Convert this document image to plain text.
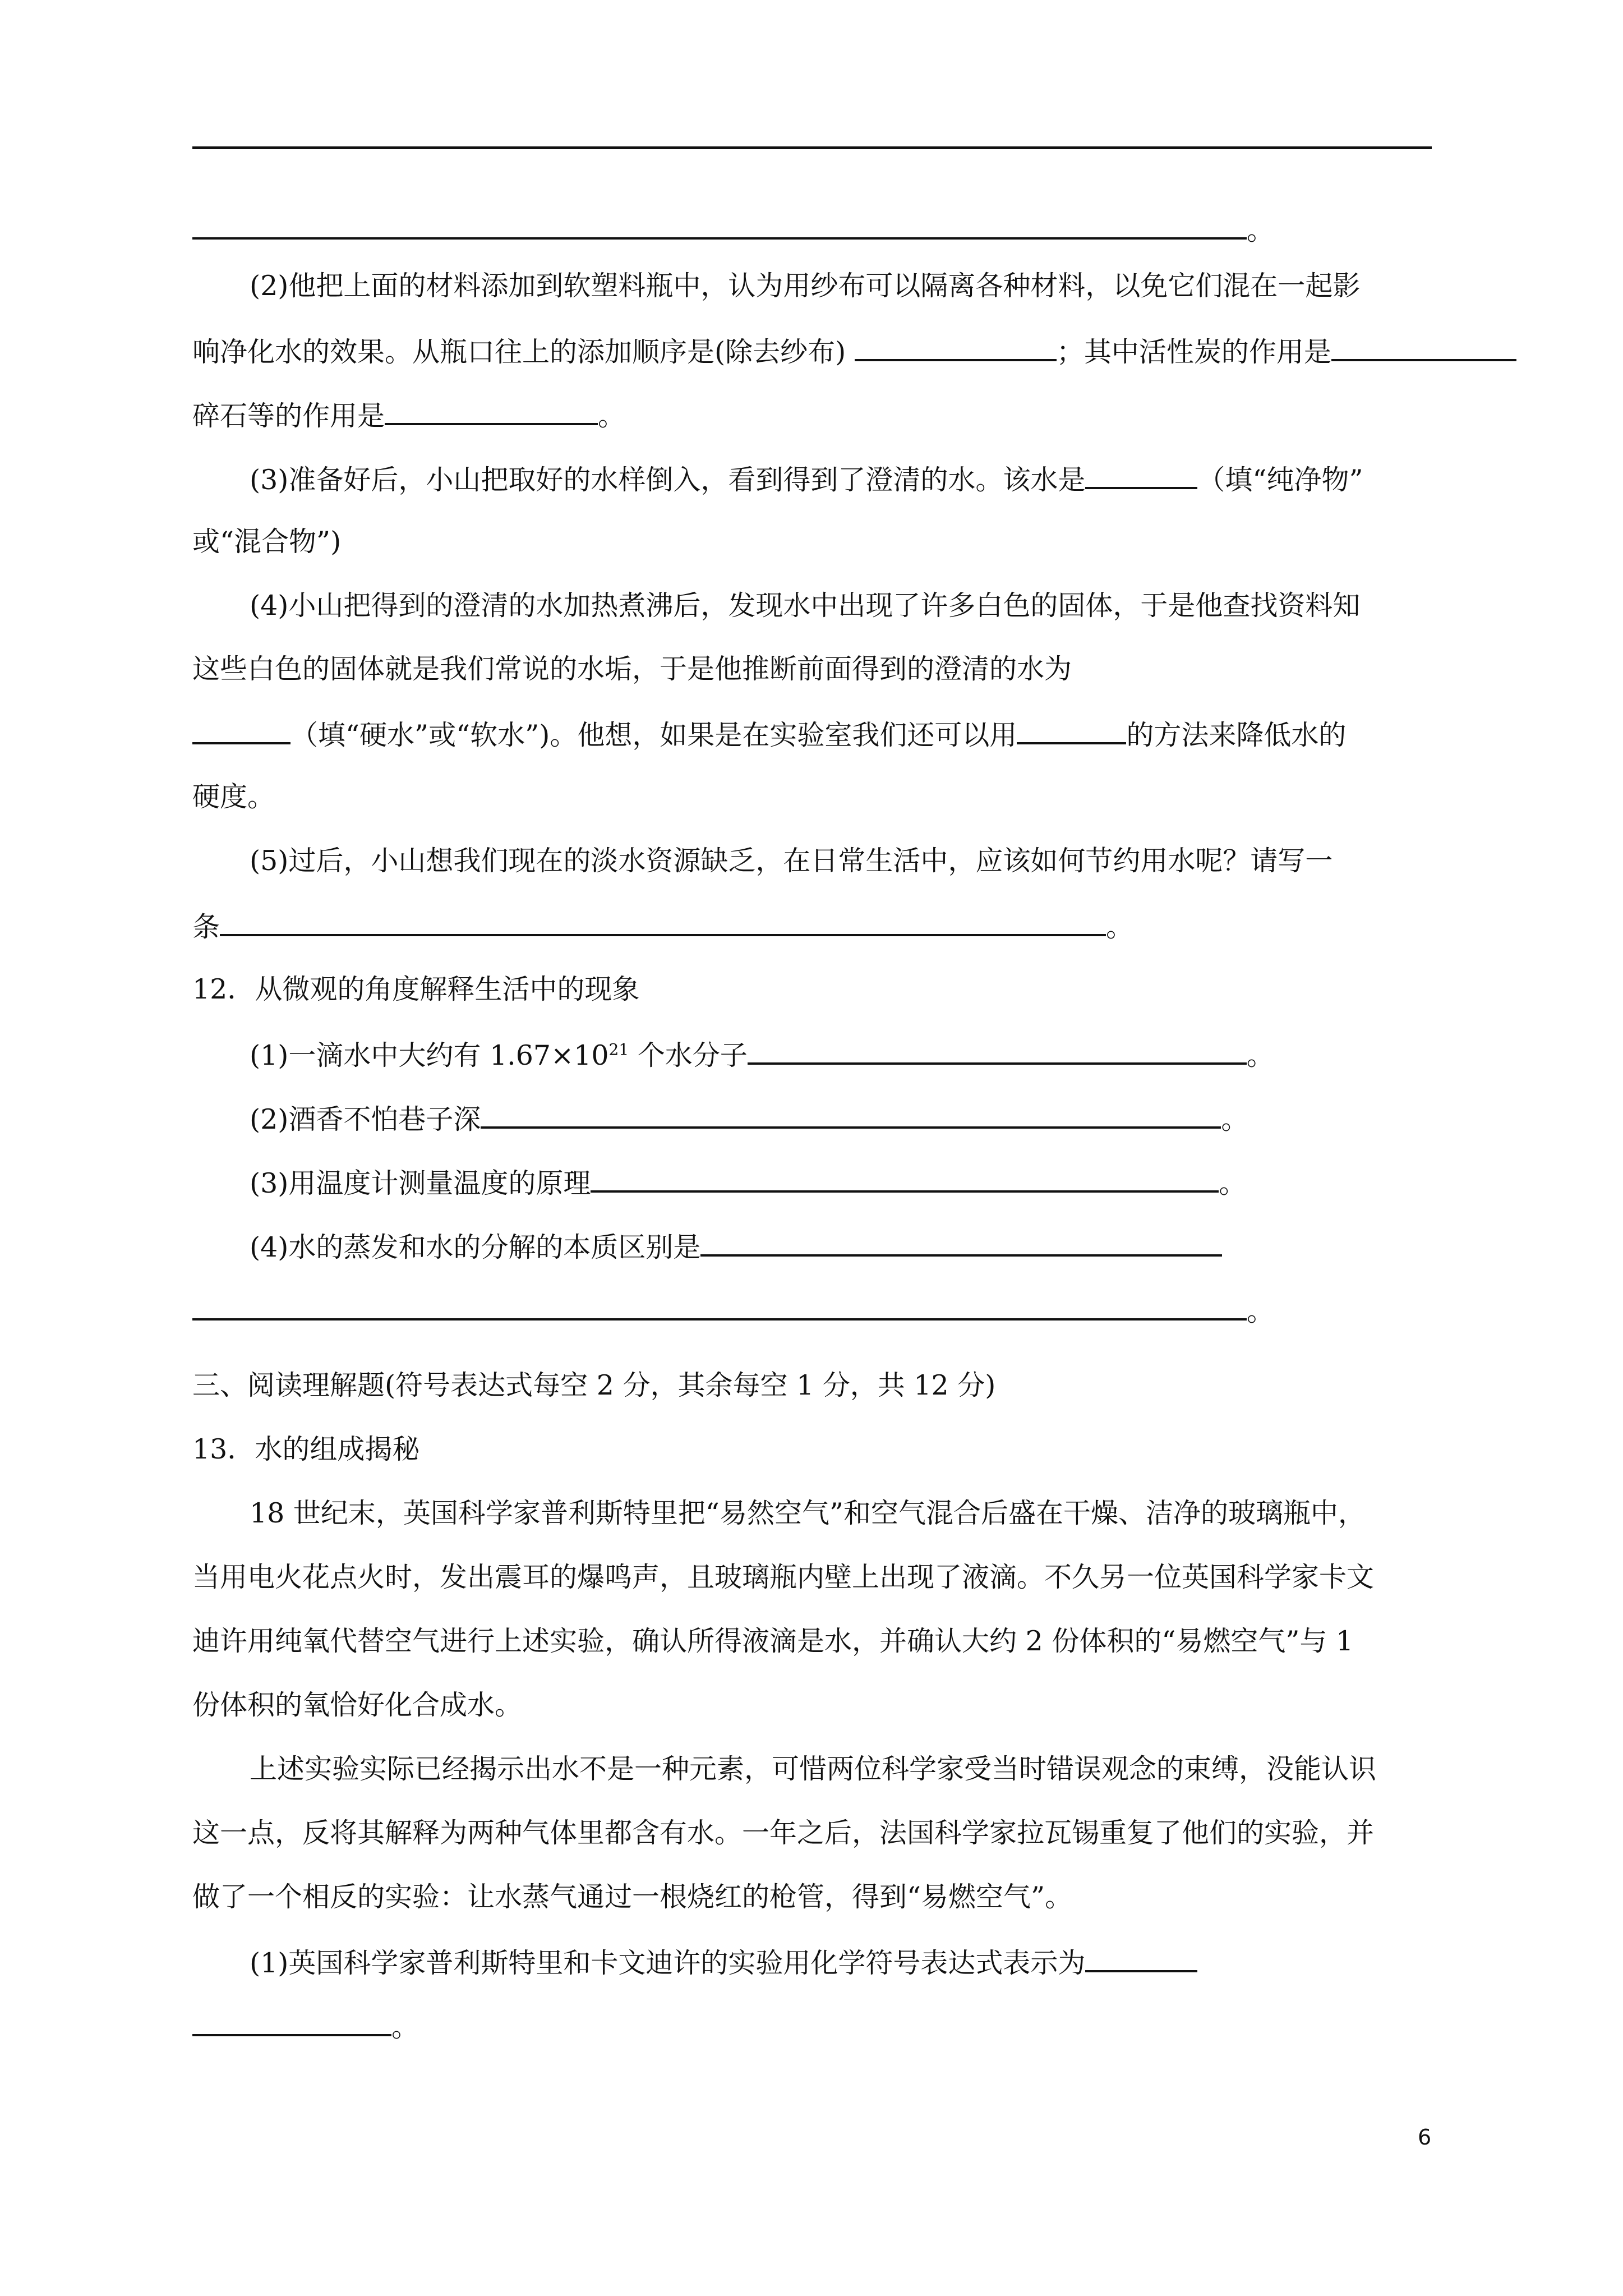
。
(2)他把上面的材料添加到软塑料瓶中，认为用纱布可以隔离各种材料，以免它们混在一起影
响净化水的效果。从瓶口往上的添加顺序是(除去纱布)	；其中活性炭的作用是
碎石等的作用是	。
(3)准备好后，小山把取好的水样倒入，看到得到了澄清的水。该水是	（填“纯净物”
或“混合物”)
(4)小山把得到的澄清的水加热煮沸后，发现水中出现了许多白色的固体，于是他查找资料知
这些白色的固体就是我们常说的水垢，于是他推断前面得到的澄清的水为
（填“硬水”或“软水”)。他想，如果是在实验室我们还可以用	的方法来降低水的
硬度。
(5)过后，小山想我们现在的淡水资源缺乏，在日常生活中，应该如何节约用水呢？请写一
条	。
12．从微观的角度解释生活中的现象
(1)一滴水中大约有 $1.67\times 10^{21}$ 个水分子	。
(2)酒香不怕巷子深	。
(3)用温度计测量温度的原理	。
(4)水的蒸发和水的分解的本质区别是
。
三、阅读理解题(符号表达式每空 2 分，其余每空 1 分，共 12 分)
13．水的组成揭秘
18 世纪末，英国科学家普利斯特里把“易然空气”和空气混合后盛在干燥、洁净的玻璃瓶中，
当用电火花点火时，发出震耳的爆鸣声，且玻璃瓶内壁上出现了液滴。不久另一位英国科学家卡文
迪许用纯氧代替空气进行上述实验，确认所得液滴是水，并确认大约 2 份体积的“易燃空气”与 1
份体积的氧恰好化合成水。
上述实验实际已经揭示出水不是一种元素，可惜两位科学家受当时错误观念的束缚，没能认识
这一点，反将其解释为两种气体里都含有水。一年之后，法国科学家拉瓦锡重复了他们的实验，并
做了一个相反的实验：让水蒸气通过一根烧红的枪管，得到“易燃空气”。
(1)英国科学家普利斯特里和卡文迪许的实验用化学符号表达式表示为
。
6
